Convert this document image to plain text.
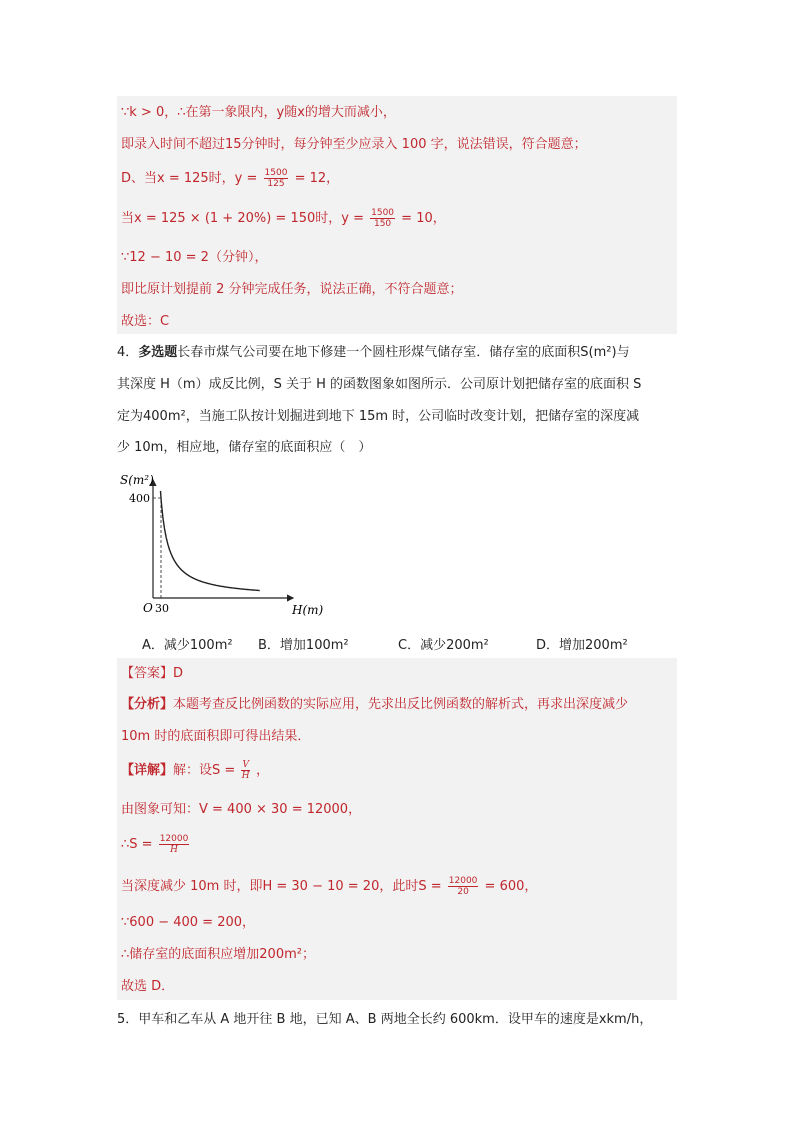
∵k > 0，∴在第一象限内，y随x的增大而减小，
即录入时间不超过15分钟时，每分钟至少应录入 100 字，说法错误，符合题意；
D、当x = 125时，$y = \frac{1500}{125} = 12$，
当x = 125 × (1 + 20%) = 150时，$y = \frac{1500}{150} = 10$，
∵12 − 10 = 2（分钟），
即比原计划提前 2 分钟完成任务，说法正确，不符合题意；
故选：C
4．多选题长春市煤气公司要在地下修建一个圆柱形煤气储存室．储存室的底面积S(m²)与
其深度 H（m）成反比例，S 关于 H 的函数图象如图所示．公司原计划把储存室的底面积 S
定为400m²，当施工队按计划掘进到地下 15m 时，公司临时改变计划，把储存室的深度减
少 10m，相应地，储存室的底面积应（　）
S(m²)
400
O 30	H(m)
A．减少100m² B．增加100m²	C．减少200m²	D．增加200m²
【答案】D
【分析】本题考查反比例函数的实际应用，先求出反比例函数的解析式，再求出深度减少
10m 时的底面积即可得出结果．
【详解】解：设$S = \frac{V}{H}$ ，
由图象可知：V = 400 × 30 = 12000，
∴S = $\frac{12000}{H}$
当深度减少 10m 时，即H = 30 − 10 = 20，此时$S = \frac{12000}{20} = 600$，
∵600 − 400 = 200，
∴储存室的底面积应增加200m²；
故选 D．
5．甲车和乙车从 A 地开往 B 地，已知 A、B 两地全长约 600km．设甲车的速度是xkm/h，
